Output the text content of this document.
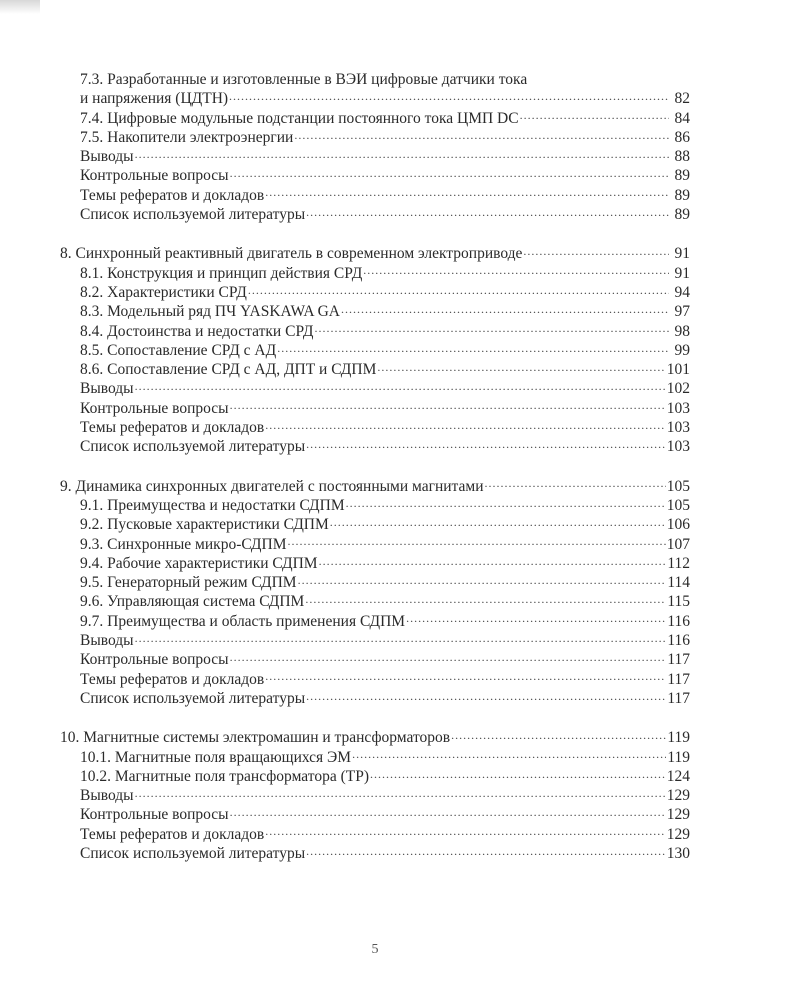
7.3. Разработанные и изготовленные в ВЭИ цифровые датчики тока
и напряжения (ЦДТН) .....	82
7.4. Цифровые модульные подстанции постоянного тока ЦМП DC .....	84
7.5. Накопители электроэнергии .....	86
Выводы .....	88
Контрольные вопросы .....	89
Темы рефератов и докладов .....	89
Список используемой литературы .....	89
8. Синхронный реактивный двигатель в современном электроприводе .....	91
8.1. Конструкция и принцип действия СРД .....	91
8.2. Характеристики СРД .....	94
8.3. Модельный ряд ПЧ YASKAWA GA .....	97
8.4. Достоинства и недостатки СРД .....	98
8.5. Сопоставление СРД с АД .....	99
8.6. Сопоставление СРД с АД, ДПТ и СДПМ .....	101
Выводы .....	102
Контрольные вопросы .....	103
Темы рефератов и докладов .....	103
Список используемой литературы .....	103
9. Динамика синхронных двигателей с постоянными магнитами .....	105
9.1. Преимущества и недостатки СДПМ .....	105
9.2. Пусковые характеристики СДПМ .....	106
9.3. Синхронные микро-СДПМ .....	107
9.4. Рабочие характеристики СДПМ .....	112
9.5. Генераторный режим СДПМ .....	114
9.6. Управляющая система СДПМ .....	115
9.7. Преимущества и область применения СДПМ .....	116
Выводы .....	116
Контрольные вопросы .....	117
Темы рефератов и докладов .....	117
Список используемой литературы .....	117
10. Магнитные системы электромашин и трансформаторов .....	119
10.1. Магнитные поля вращающихся ЭМ .....	119
10.2. Магнитные поля трансформатора (ТР) .....	124
Выводы .....	129
Контрольные вопросы .....	129
Темы рефератов и докладов .....	129
Список используемой литературы .....	130
5
